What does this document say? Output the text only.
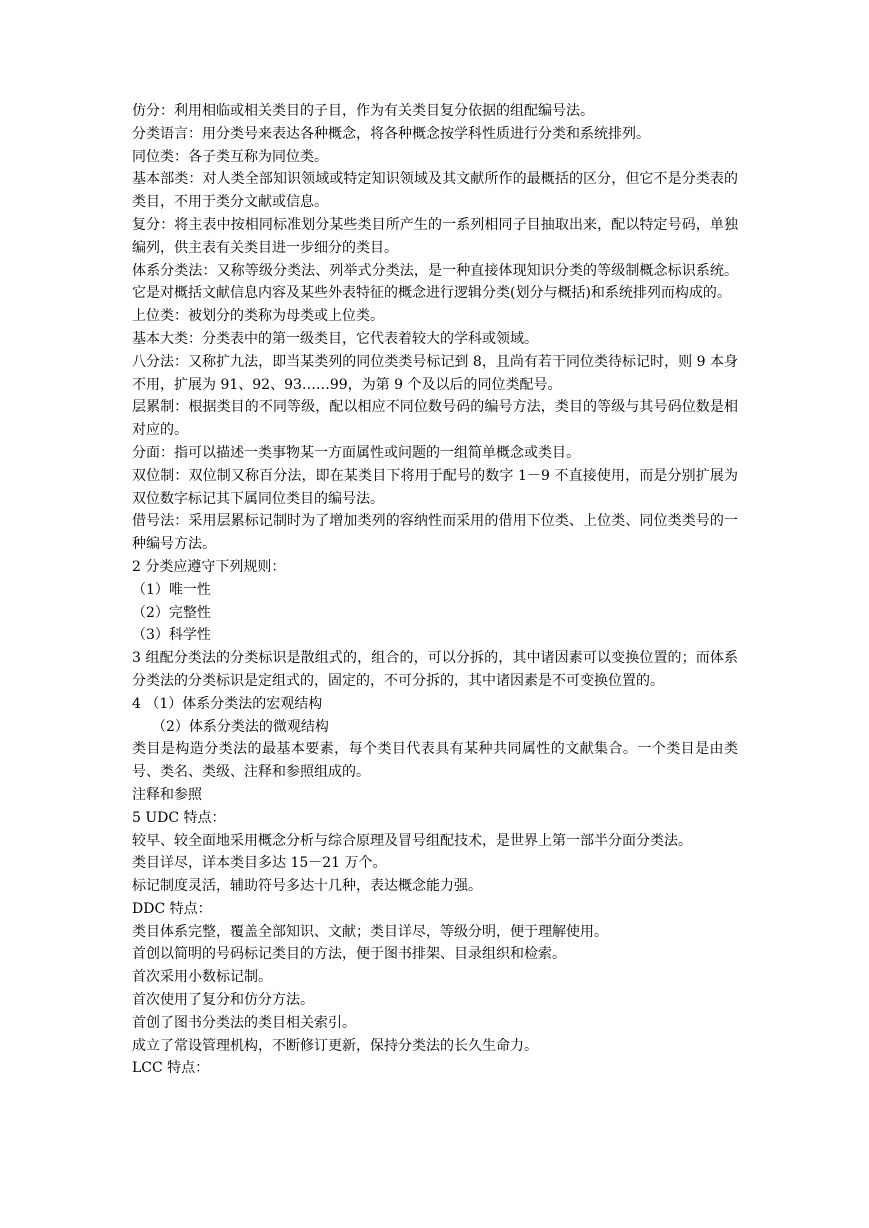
仿分：利用相临或相关类目的子目，作为有关类目复分依据的组配编号法。

分类语言：用分类号来表达各种概念，将各种概念按学科性质进行分类和系统排列。

同位类：各子类互称为同位类。

基本部类：对人类全部知识领域或特定知识领域及其文献所作的最概括的区分，但它不是分类表的类目，不用于类分文献或信息。

复分：将主表中按相同标准划分某些类目所产生的一系列相同子目抽取出来，配以特定号码，单独编列，供主表有关类目进一步细分的类目。

体系分类法：又称等级分类法、列举式分类法，是一种直接体现知识分类的等级制概念标识系统。它是对概括文献信息内容及某些外表特征的概念进行逻辑分类(划分与概括)和系统排列而构成的。

上位类：被划分的类称为母类或上位类。

基本大类：分类表中的第一级类目，它代表着较大的学科或领域。

八分法：又称扩九法，即当某类列的同位类类号标记到 8，且尚有若干同位类待标记时，则 9 本身不用，扩展为 91、92、93……99，为第 9 个及以后的同位类配号。

层累制：根据类目的不同等级，配以相应不同位数号码的编号方法，类目的等级与其号码位数是相对应的。

分面：指可以描述一类事物某一方面属性或问题的一组简单概念或类目。

双位制：双位制又称百分法，即在某类目下将用于配号的数字 1－9 不直接使用，而是分别扩展为双位数字标记其下属同位类目的编号法。

借号法：采用层累标记制时为了增加类列的容纳性而采用的借用下位类、上位类、同位类类号的一种编号方法。

2 分类应遵守下列规则：

（1）唯一性

（2）完整性

（3）科学性

3 组配分类法的分类标识是散组式的，组合的，可以分拆的，其中诸因素可以变换位置的；而体系分类法的分类标识是定组式的，固定的，不可分拆的，其中诸因素是不可变换位置的。

4 （1）体系分类法的宏观结构

（2）体系分类法的微观结构

类目是构造分类法的最基本要素，每个类目代表具有某种共同属性的文献集合。一个类目是由类号、类名、类级、注释和参照组成的。

注释和参照

5 UDC 特点：

较早、较全面地采用概念分析与综合原理及冒号组配技术，是世界上第一部半分面分类法。

类目详尽，详本类目多达 15－21 万个。

标记制度灵活，辅助符号多达十几种，表达概念能力强。

DDC 特点：

类目体系完整，覆盖全部知识、文献；类目详尽，等级分明，便于理解使用。

首创以简明的号码标记类目的方法，便于图书排架、目录组织和检索。

首次采用小数标记制。

首次使用了复分和仿分方法。

首创了图书分类法的类目相关索引。

成立了常设管理机构，不断修订更新，保持分类法的长久生命力。

LCC 特点：
